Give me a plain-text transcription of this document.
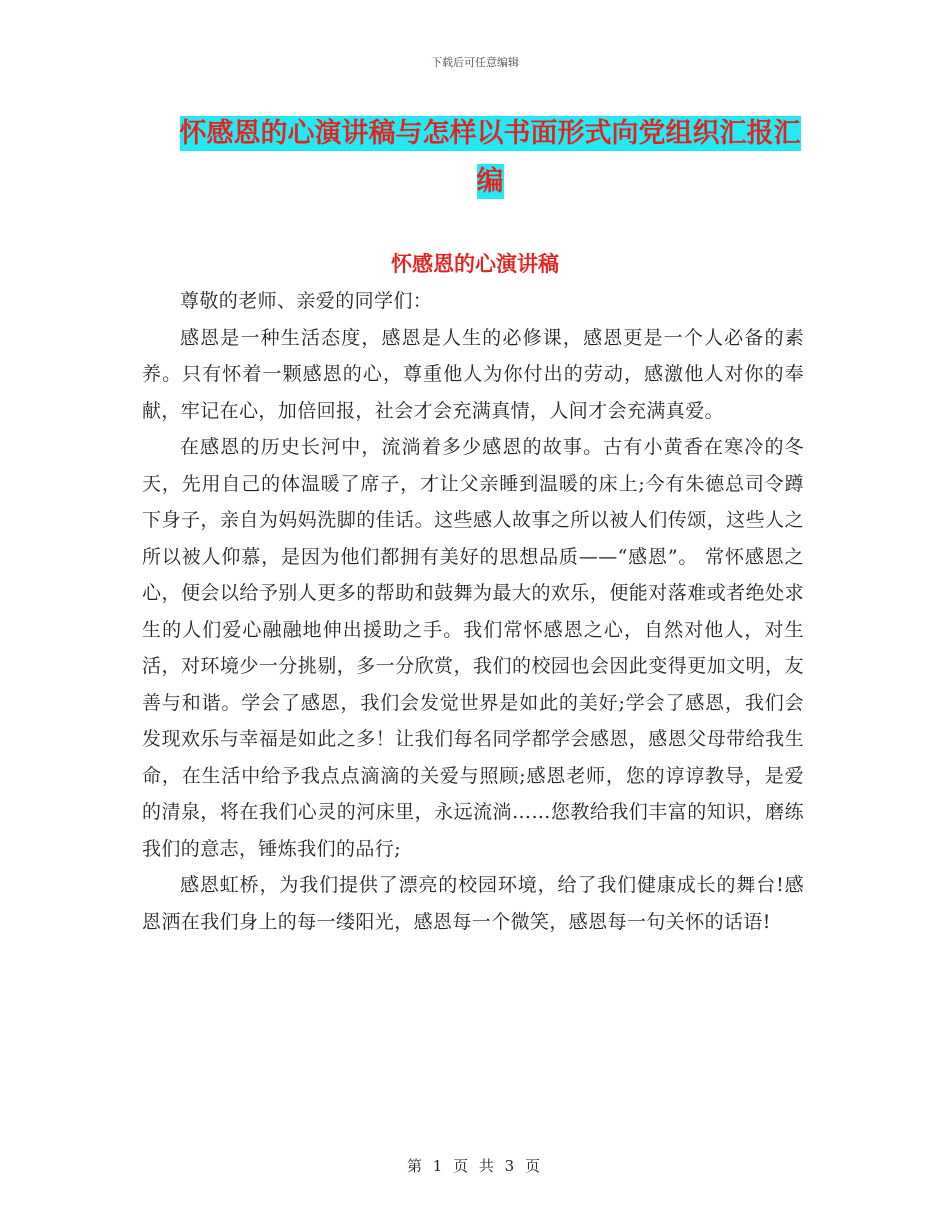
下载后可任意编辑
怀感恩的心演讲稿与怎样以书面形式向党组织汇报汇编
怀感恩的心演讲稿

尊敬的老师、亲爱的同学们：

感恩是一种生活态度，感恩是人生的必修课，感恩更是一个人必备的素养。只有怀着一颗感恩的心，尊重他人为你付出的劳动，感激他人对你的奉献，牢记在心，加倍回报，社会才会充满真情，人间才会充满真爱。

在感恩的历史长河中，流淌着多少感恩的故事。古有小黄香在寒冷的冬天，先用自己的体温暖了席子，才让父亲睡到温暖的床上;今有朱德总司令蹲下身子，亲自为妈妈洗脚的佳话。这些感人故事之所以被人们传颂，这些人之所以被人仰慕，是因为他们都拥有美好的思想品质——“感恩”。 常怀感恩之心，便会以给予别人更多的帮助和鼓舞为最大的欢乐，便能对落难或者绝处求生的人们爱心融融地伸出援助之手。我们常怀感恩之心，自然对他人，对生活，对环境少一分挑剔，多一分欣赏，我们的校园也会因此变得更加文明，友善与和谐。学会了感恩，我们会发觉世界是如此的美好;学会了感恩，我们会发现欢乐与幸福是如此之多！让我们每名同学都学会感恩，感恩父母带给我生命，在生活中给予我点点滴滴的关爱与照顾;感恩老师，您的谆谆教导，是爱的清泉，将在我们心灵的河床里，永远流淌……您教给我们丰富的知识，磨练我们的意志，锤炼我们的品行;

感恩虹桥，为我们提供了漂亮的校园环境，给了我们健康成长的舞台!感恩洒在我们身上的每一缕阳光，感恩每一个微笑，感恩每一句关怀的话语!

第 1 页 共 3 页
